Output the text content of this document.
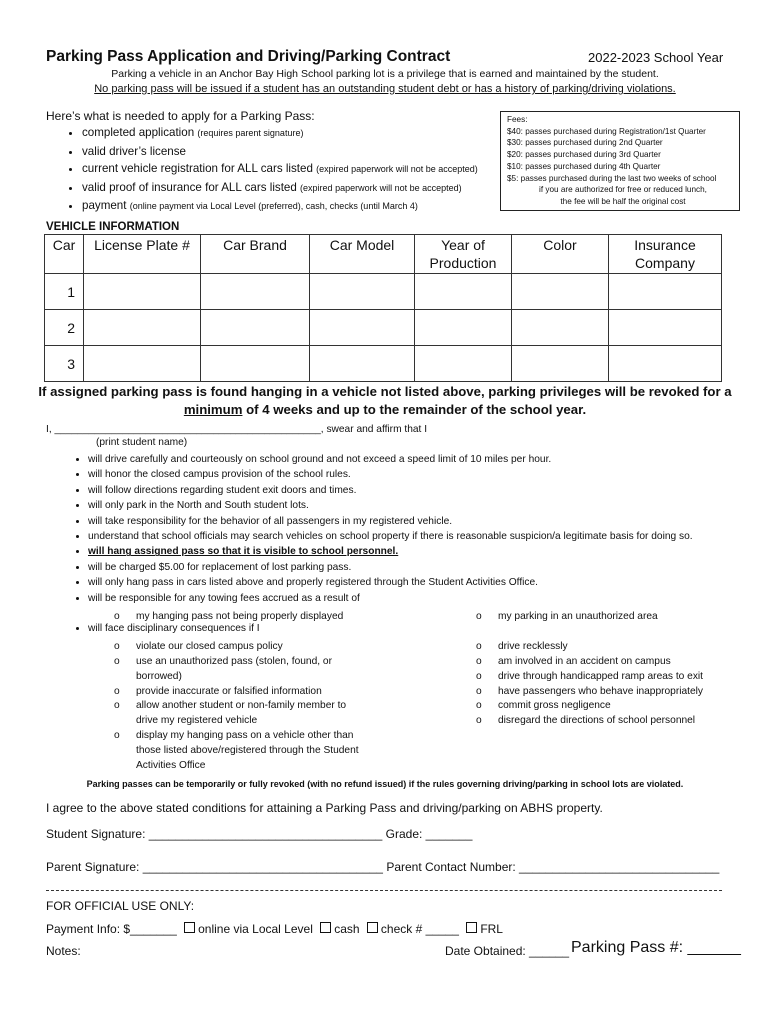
Parking Pass Application and Driving/Parking Contract	2022-2023 School Year
Parking a vehicle in an Anchor Bay High School parking lot is a privilege that is earned and maintained by the student.
No parking pass will be issued if a student has an outstanding student debt or has a history of parking/driving violations.
Here’s what is needed to apply for a Parking Pass:
• completed application (requires parent signature)
• valid driver’s license
• current vehicle registration for ALL cars listed (expired paperwork will not be accepted)
• valid proof of insurance for ALL cars listed (expired paperwork will not be accepted)
• payment (online payment via Local Level (preferred), cash, checks (until March 4)
Fees:
$40: passes purchased during Registration/1st Quarter
$30: passes purchased during 2nd Quarter
$20: passes purchased during 3rd Quarter
$10: passes purchased during 4th Quarter
$5: passes purchased during the last two weeks of school
if you are authorized for free or reduced lunch,
the fee will be half the original cost
VEHICLE INFORMATION
Car	License Plate #	Car Brand	Car Model	Year of Production	Color	Insurance Company
1						
2						
3						
If assigned parking pass is found hanging in a vehicle not listed above, parking privileges will be revoked for a
minimum of 4 weeks and up to the remainder of the school year.
I, _______________________________________________, swear and affirm that I
(print student name)
• will drive carefully and courteously on school ground and not exceed a speed limit of 10 miles per hour.
• will honor the closed campus provision of the school rules.
• will follow directions regarding student exit doors and times.
• will only park in the North and South student lots.
• will take responsibility for the behavior of all passengers in my registered vehicle.
• understand that school officials may search vehicles on school property if there is reasonable suspicion/a legitimate basis for doing so.
• will hang assigned pass so that it is visible to school personnel.
• will be charged $5.00 for replacement of lost parking pass.
• will only hang pass in cars listed above and properly registered through the Student Activities Office.
• will be responsible for any towing fees accrued as a result of
• will face disciplinary consequences if I
o my hanging pass not being properly displayed	o my parking in an unauthorized area
o violate our closed campus policy
o use an unauthorized pass (stolen, found, or
borrowed)
o provide inaccurate or falsified information
o allow another student or non-family member to
drive my registered vehicle
o display my hanging pass on a vehicle other than
those listed above/registered through the Student
Activities Office
o drive recklessly
o am involved in an accident on campus
o drive through handicapped ramp areas to exit
o have passengers who behave inappropriately
o commit gross negligence
o disregard the directions of school personnel
Parking passes can be temporarily or fully revoked (with no refund issued) if the rules governing driving/parking in school lots are violated.
I agree to the above stated conditions for attaining a Parking Pass and driving/parking on ABHS property.
Student Signature: ___________________________________ Grade: _______
Parent Signature: ____________________________________ Parent Contact Number: ______________________________
FOR OFFICIAL USE ONLY:
Payment Info: $_______ online via Local Level cash check # _____ FRL
Notes:	Date Obtained: ______ Parking Pass #: ______
